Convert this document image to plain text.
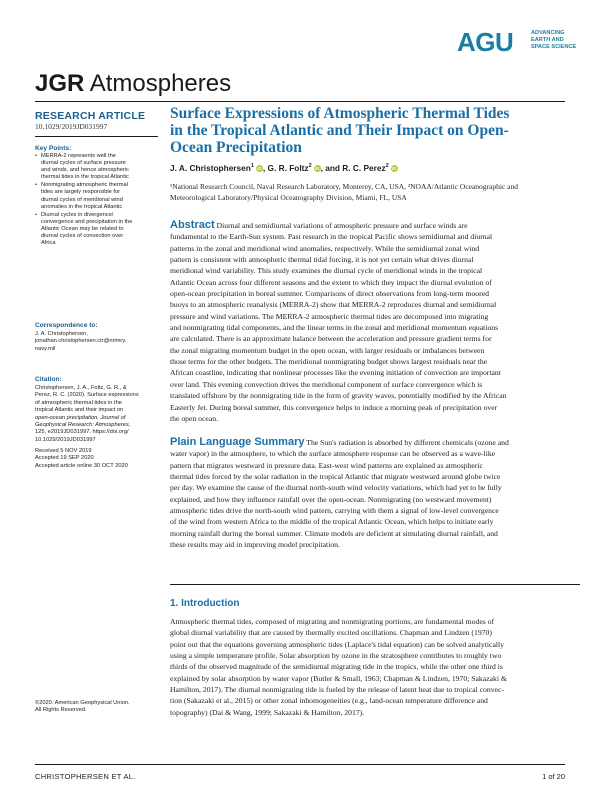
AGU	ADVANCING
EARTH AND
SPACE SCIENCE
JGR Atmospheres
RESEARCH ARTICLE
10.1029/2019JD031997
Key Points:
• MERRA-2 represents well the
diurnal cycles of surface pressure
and winds, and hence atmospheric
thermal tides in the tropical Atlantic
• Nonmigrating atmospheric thermal
tides are largely responsible for
diurnal cycles of meridional wind
anomalies in the tropical Atlantic
• Diurnal cycles in divergence/
convergence and precipitation in the
Atlantic Ocean may be related to
diurnal cycles of convection over
Africa
Correspondence to:
J. A. Christophersen,
jonathan.christophersen.ctr@nrlmry.
navy.mil
Citation:
Christophersen, J. A., Foltz, G. R., &
Perez, R. C. (2020). Surface expressions
of atmospheric thermal tides in the
tropical Atlantic and their impact on
open-ocean precipitation. Journal of
Geophysical Research: Atmospheres,
125, e2019JD031997. https://doi.org/
10.1029/2019JD031997
Received 5 NOV 2019
Accepted 19 SEP 2020
Accepted article online 30 OCT 2020
©2020. American Geophysical Union.
All Rights Reserved.
Surface Expressions of Atmospheric Thermal Tides
in the Tropical Atlantic and Their Impact on Open-
Ocean Precipitation
J. A. Christophersen$^1$ iD, G. R. Foltz$^2$ iD, and R. C. Perez$^2$ iD
¹National Research Council, Naval Research Laboratory, Monterey, CA, USA, ²NOAA/Atlantic Oceanographic and
Meteorological Laboratory/Physical Oceanography Division, Miami, FL, USA
Abstract Diurnal and semidiurnal variations of atmospheric pressure and surface winds are
fundamental to the Earth-Sun system. Past research in the tropical Pacific shows semidiurnal and diurnal
patterns in the zonal and meridional wind anomalies, respectively. While the semidiurnal zonal wind
pattern is consistent with atmospheric thermal tidal forcing, it is not yet certain what drives diurnal
meridional wind variability. This study examines the diurnal cycle of meridional winds in the tropical
Atlantic Ocean across four different seasons and the extent to which they impact the diurnal evolution of
open-ocean precipitation in boreal summer. Comparisons of direct observations from long-term moored
buoys to an atmospheric reanalysis (MERRA-2) show that MERRA-2 reproduces diurnal and semidiurnal
pressure and wind variations. The MERRA-2 atmospheric thermal tides are decomposed into migrating
and nonmigrating tidal components, and the linear terms in the zonal and meridional momentum equations
are calculated. There is an approximate balance between the acceleration and pressure gradient terms for
the zonal migrating momentum budget in the open ocean, with larger residuals or imbalances between
those terms for the other budgets. The meridional nonmigrating budget shows largest residuals near the
African coastline, indicating that nonlinear processes like the evening initiation of convection are important
over land. This evening convection drives the meridional component of surface convergence which is
translated offshore by the nonmigrating tide in the form of gravity waves, potentially modified by the African
Easterly Jet. During boreal summer, this convergence helps to induce a morning peak of precipitation over
the open ocean.
Plain Language Summary The Sun's radiation is absorbed by different chemicals (ozone and
water vapor) in the atmosphere, to which the surface atmosphere response can be observed as a wave-like
pattern that migrates westward in pressure data. East-west wind patterns are explained as atmospheric
thermal tides forced by the solar radiation in the tropical Atlantic that migrate westward around globe twice
per day. We examine the cause of the diurnal north-south wind velocity variations, which had yet to be fully
explained, and how they influence rainfall over the open-ocean. Nonmigrating (no westward movement)
atmospheric tides drive the north-south wind pattern, carrying with them a signal of low-level convergence
of the wind from western Africa to the middle of the tropical Atlantic Ocean, which helps to initiate early
morning rainfall during the boreal summer. Climate models are deficient at simulating diurnal rainfall, and
these results may aid in improving model precipitation.
1. Introduction
Atmospheric thermal tides, composed of migrating and nonmigrating portions, are fundamental modes of
global diurnal variability that are caused by thermally excited oscillations. Chapman and Lindzen (1970)
point out that the equations governing atmospheric tides (Laplace's tidal equation) can be solved analytically
using a simple temperature profile. Solar absorption by ozone in the stratosphere contributes to roughly two
thirds of the observed magnitude of the semidiurnal migrating tide in the tropics, while the other one third is
explained by solar absorption by water vapor (Butler & Small, 1963; Chapman & Lindzen, 1970; Sakazaki &
Hamilton, 2017). The diurnal nonmigrating tide is fueled by the release of latent heat due to tropical convec-
tion (Sakazaki et al., 2015) or other zonal inhomogeneities (e.g., land-ocean temperature difference and
topography) (Dai & Wang, 1999; Sakazaki & Hamilton, 2017).
CHRISTOPHERSEN ET AL.	1 of 20
